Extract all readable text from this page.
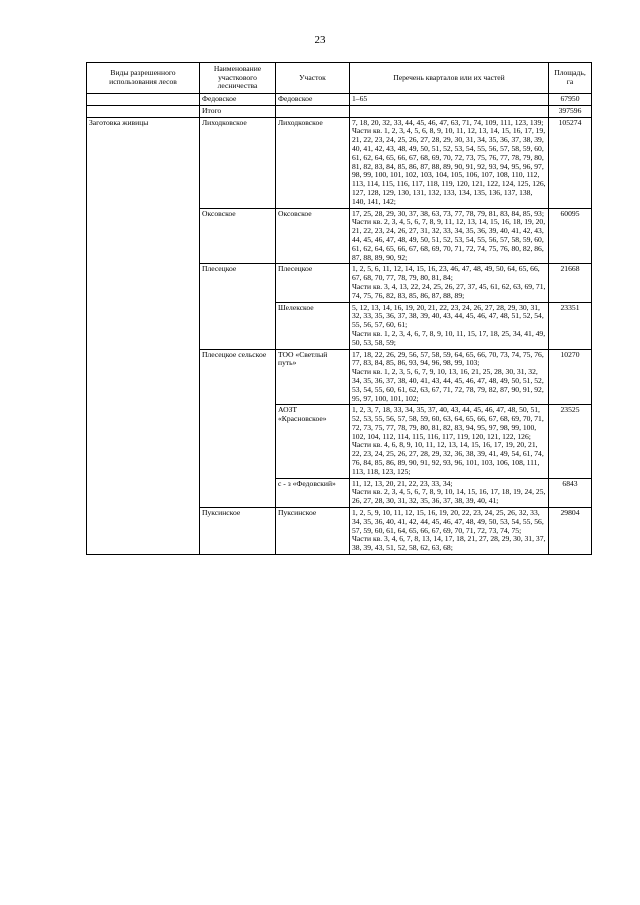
23
Виды разрешенного использования лесов	Наименование участкового лесничества	Участок	Перечень кварталов или их частей	Площадь, га
	Федовское	Федовское	1–65	67950
	Итого			397596
Заготовка живицы	Лиходковское	Лиходковское	7, 18, 20, 32, 33, 44, 45, 46, 47, 63, 71, 74, 109, 111, 123, 139;
Части кв. 1, 2, 3, 4, 5, 6, 8, 9, 10, 11, 12, 13, 14, 15, 16, 17, 19, 21, 22, 23, 24, 25, 26, 27, 28, 29, 30, 31, 34, 35, 36, 37, 38, 39, 40, 41, 42, 43, 48, 49, 50, 51, 52, 53, 54, 55, 56, 57, 58, 59, 60, 61, 62, 64, 65, 66, 67, 68, 69, 70, 72, 73, 75, 76, 77, 78, 79, 80, 81, 82, 83, 84, 85, 86, 87, 88, 89, 90, 91, 92, 93, 94, 95, 96, 97, 98, 99, 100, 101, 102, 103, 104, 105, 106, 107, 108, 110, 112, 113, 114, 115, 116, 117, 118, 119, 120, 121, 122, 124, 125, 126, 127, 128, 129, 130, 131, 132, 133, 134, 135, 136, 137, 138, 140, 141, 142;	105274
	Оксовское	Оксовское	17, 25, 28, 29, 30, 37, 38, 63, 73, 77, 78, 79, 81, 83, 84, 85, 93;
Части кв. 2, 3, 4, 5, 6, 7, 8, 9, 11, 12, 13, 14, 15, 16, 18, 19, 20, 21, 22, 23, 24, 26, 27, 31, 32, 33, 34, 35, 36, 39, 40, 41, 42, 43, 44, 45, 46, 47, 48, 49, 50, 51, 52, 53, 54, 55, 56, 57, 58, 59, 60, 61, 62, 64, 65, 66, 67, 68, 69, 70, 71, 72, 74, 75, 76, 80, 82, 86, 87, 88, 89, 90, 92;	60095
	Плесецкое	Плесецкое	1, 2, 5, 6, 11, 12, 14, 15, 16, 23, 46, 47, 48, 49, 50, 64, 65, 66, 67, 68, 70, 77, 78, 79, 80, 81, 84;
Части кв. 3, 4, 13, 22, 24, 25, 26, 27, 37, 45, 61, 62, 63, 69, 71, 74, 75, 76, 82, 83, 85, 86, 87, 88, 89;	21668
		Шелекское	5, 12, 13, 14, 16, 19, 20, 21, 22, 23, 24, 26, 27, 28, 29, 30, 31, 32, 33, 35, 36, 37, 38, 39, 40, 43, 44, 45, 46, 47, 48, 51, 52, 54, 55, 56, 57, 60, 61;
Части кв. 1, 2, 3, 4, 6, 7, 8, 9, 10, 11, 15, 17, 18, 25, 34, 41, 49, 50, 53, 58, 59;	23351
	Плесецкое сельское	ТОО «Светлый путь»	17, 18, 22, 26, 29, 56, 57, 58, 59, 64, 65, 66, 70, 73, 74, 75, 76, 77, 83, 84, 85, 86, 93, 94, 96, 98, 99, 103;
Части кв. 1, 2, 3, 5, 6, 7, 9, 10, 13, 16, 21, 25, 28, 30, 31, 32, 34, 35, 36, 37, 38, 40, 41, 43, 44, 45, 46, 47, 48, 49, 50, 51, 52, 53, 54, 55, 60, 61, 62, 63, 67, 71, 72, 78, 79, 82, 87, 90, 91, 92, 95, 97, 100, 101, 102;	10270
		АОЗТ «Красновское»	1, 2, 3, 7, 18, 33, 34, 35, 37, 40, 43, 44, 45, 46, 47, 48, 50, 51, 52, 53, 55, 56, 57, 58, 59, 60, 63, 64, 65, 66, 67, 68, 69, 70, 71, 72, 73, 75, 77, 78, 79, 80, 81, 82, 83, 94, 95, 97, 98, 99, 100, 102, 104, 112, 114, 115, 116, 117, 119, 120, 121, 122, 126;
Части кв. 4, 6, 8, 9, 10, 11, 12, 13, 14, 15, 16, 17, 19, 20, 21, 22, 23, 24, 25, 26, 27, 28, 29, 32, 36, 38, 39, 41, 49, 54, 61, 74, 76, 84, 85, 86, 89, 90, 91, 92, 93, 96, 101, 103, 106, 108, 111, 113, 118, 123, 125;	23525
		с - з «Федовский»	11, 12, 13, 20, 21, 22, 23, 33, 34;
Части кв. 2, 3, 4, 5, 6, 7, 8, 9, 10, 14, 15, 16, 17, 18, 19, 24, 25, 26, 27, 28, 30, 31, 32, 35, 36, 37, 38, 39, 40, 41;	6843
	Пуксинское	Пуксинское	1, 2, 5, 9, 10, 11, 12, 15, 16, 19, 20, 22, 23, 24, 25, 26, 32, 33, 34, 35, 36, 40, 41, 42, 44, 45, 46, 47, 48, 49, 50, 53, 54, 55, 56, 57, 59, 60, 61, 64, 65, 66, 67, 69, 70, 71, 72, 73, 74, 75;
Части кв. 3, 4, 6, 7, 8, 13, 14, 17, 18, 21, 27, 28, 29, 30, 31, 37, 38, 39, 43, 51, 52, 58, 62, 63, 68;	29804
